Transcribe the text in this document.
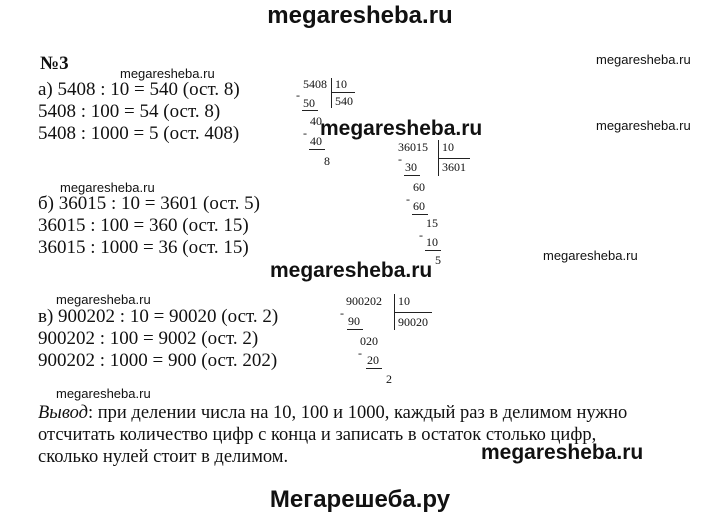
megaresheba.ru
megaresheba.ru
megaresheba.ru
megaresheba.ru
megaresheba.ru
megaresheba.ru
megaresheba.ru
megaresheba.ru
megaresheba.ru
megaresheba.ru
megaresheba.ru
Мегарешеба.ру
№3
а) 5408 : 10 = 540 (ост. 8)
5408 : 100 = 54 (ост. 8)
5408 : 1000 = 5 (ост. 408)
б) 36015 : 10 = 3601 (ост. 5)
36015 : 100 = 360 (ост. 15)
36015 : 1000 = 36 (ост. 15)
в) 900202 : 10 = 90020 (ост. 2)
900202 : 100 = 9002 (ост. 2)
900202 : 1000 = 900 (ост. 202)
Вывод: при делении числа на 10, 100 и 1000, каждый раз в делимом нужно
отсчитать количество цифр с конца и записать в остаток столько цифр,
сколько нулей стоит в делимом.
5408 10
540
-
50
40
-
40
8
36015 10
3601
-
30
60
- 60
15
- 10
5
900202 10
90020
-
90
020
- 20
2
